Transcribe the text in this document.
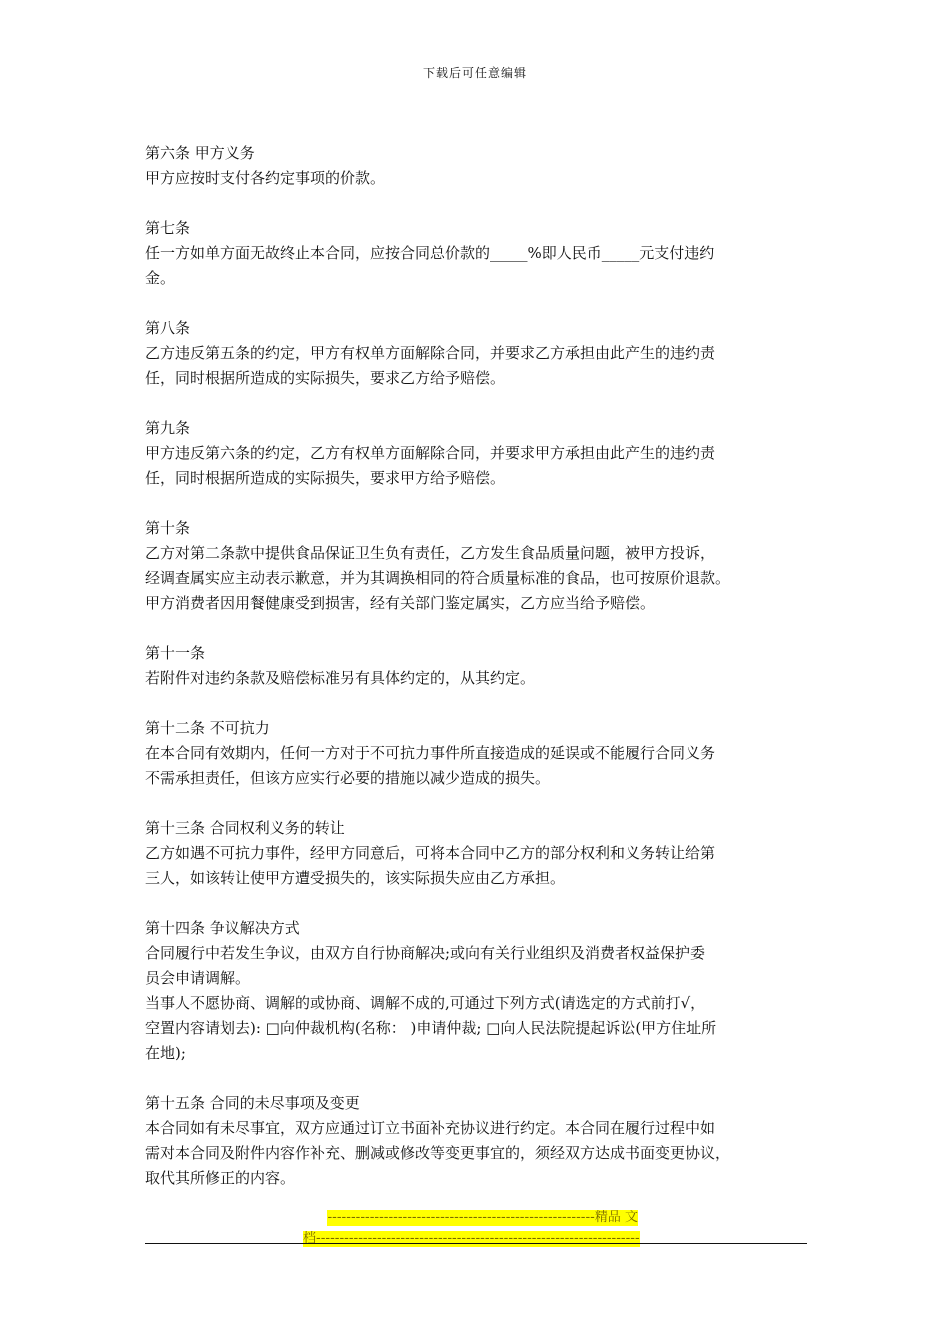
下载后可任意编辑

第六条 甲方义务

甲方应按时支付各约定事项的价款。

第七条

任一方如单方面无故终止本合同，应按合同总价款的_____%即人民币_____元支付违约

金。

第八条

乙方违反第五条的约定，甲方有权单方面解除合同，并要求乙方承担由此产生的违约责

任，同时根据所造成的实际损失，要求乙方给予赔偿。

第九条

甲方违反第六条的约定，乙方有权单方面解除合同，并要求甲方承担由此产生的违约责

任，同时根据所造成的实际损失，要求甲方给予赔偿。

第十条

乙方对第二条款中提供食品保证卫生负有责任，乙方发生食品质量问题，被甲方投诉，

经调查属实应主动表示歉意，并为其调换相同的符合质量标准的食品，也可按原价退款。

甲方消费者因用餐健康受到损害，经有关部门鉴定属实，乙方应当给予赔偿。

第十一条

若附件对违约条款及赔偿标准另有具体约定的，从其约定。

第十二条 不可抗力

在本合同有效期内，任何一方对于不可抗力事件所直接造成的延误或不能履行合同义务

不需承担责任，但该方应实行必要的措施以减少造成的损失。

第十三条 合同权利义务的转让

乙方如遇不可抗力事件，经甲方同意后，可将本合同中乙方的部分权利和义务转让给第

三人，如该转让使甲方遭受损失的，该实际损失应由乙方承担。

第十四条 争议解决方式

合同履行中若发生争议，由双方自行协商解决;或向有关行业组织及消费者权益保护委

员会申请调解。

当事人不愿协商、调解的或协商、调解不成的,可通过下列方式(请选定的方式前打√，

空置内容请划去): □向仲裁机构(名称： )申请仲裁; □向人民法院提起诉讼(甲方住址所

在地);

第十五条 合同的未尽事项及变更

本合同如有未尽事宜，双方应通过订立书面补充协议进行约定。本合同在履行过程中如

需对本合同及附件内容作补充、删减或修改等变更事宜的，须经双方达成书面变更协议，

取代其所修正的内容。

---------------------------------------------------------精品 文
档---------------------------------------------------------------------
